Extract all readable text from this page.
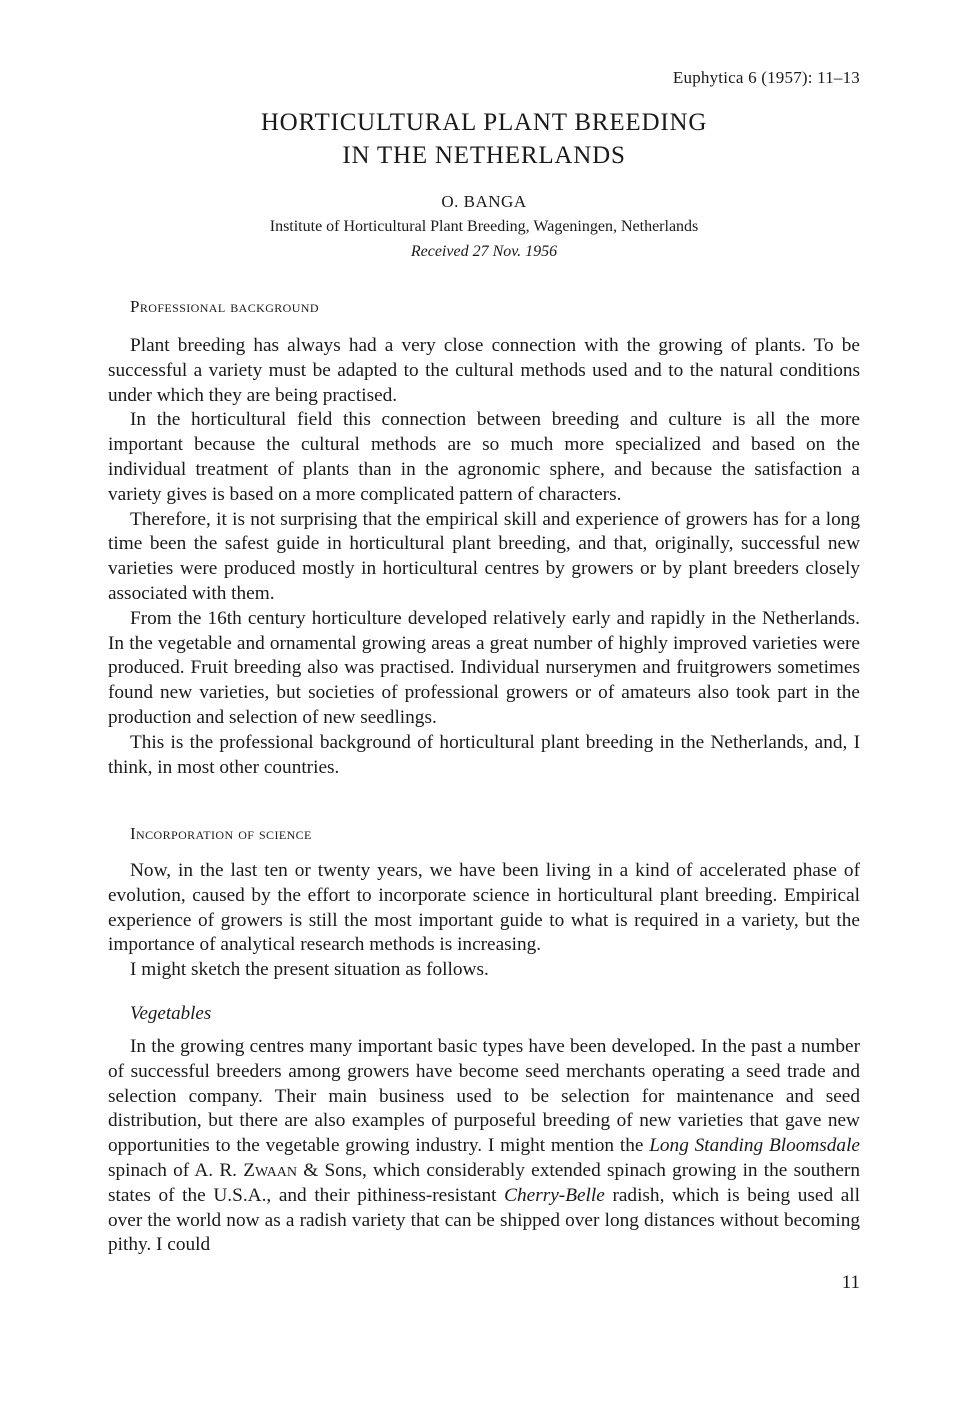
Euphytica 6 (1957): 11–13
HORTICULTURAL PLANT BREEDING
IN THE NETHERLANDS
O. BANGA
Institute of Horticultural Plant Breeding, Wageningen, Netherlands
Received 27 Nov. 1956
Professional background

Plant breeding has always had a very close connection with the growing of plants. To be successful a variety must be adapted to the cultural methods used and to the natural conditions under which they are being practised.

In the horticultural field this connection between breeding and culture is all the more important because the cultural methods are so much more specialized and based on the individual treatment of plants than in the agronomic sphere, and because the satisfaction a variety gives is based on a more complicated pattern of characters.

Therefore, it is not surprising that the empirical skill and experience of growers has for a long time been the safest guide in horticultural plant breeding, and that, originally, successful new varieties were produced mostly in horticultural centres by growers or by plant breeders closely associated with them.

From the 16th century horticulture developed relatively early and rapidly in the Netherlands. In the vegetable and ornamental growing areas a great number of highly improved varieties were produced. Fruit breeding also was practised. Individual nurserymen and fruitgrowers sometimes found new varieties, but societies of professional growers or of amateurs also took part in the production and selection of new seedlings.

This is the professional background of horticultural plant breeding in the Netherlands, and, I think, in most other countries.

Incorporation of science

Now, in the last ten or twenty years, we have been living in a kind of accelerated phase of evolution, caused by the effort to incorporate science in horticultural plant breeding. Empirical experience of growers is still the most important guide to what is required in a variety, but the importance of analytical research methods is increasing.

I might sketch the present situation as follows.

Vegetables

In the growing centres many important basic types have been developed. In the past a number of successful breeders among growers have become seed merchants operating a seed trade and selection company. Their main business used to be selection for maintenance and seed distribution, but there are also examples of purposeful breeding of new varieties that gave new opportunities to the vegetable growing industry. I might mention the Long Standing Bloomsdale spinach of A. R. Zwaan & Sons, which considerably extended spinach growing in the southern states of the U.S.A., and their pithiness-resistant Cherry-Belle radish, which is being used all over the world now as a radish variety that can be shipped over long distances without becoming pithy. I could

11
